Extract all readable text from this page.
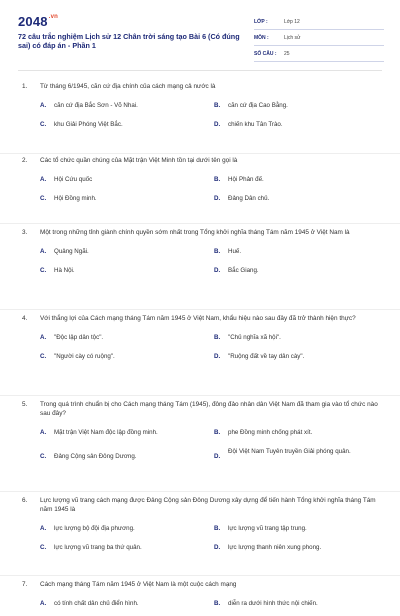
$2048^{.vn}$
72 câu trắc nghiệm Lịch sử 12 Chân trời sáng tạo Bài 6 (Có đúng sai) có đáp án - Phần 1
LỚP :	Lớp 12
MÔN :	Lịch sử
SỐ CÂU :	25
1. Từ tháng 6/1945, căn cứ địa chính của cách mạng cả nước là
A. căn cứ địa Bắc Sơn - Võ Nhai.	B. căn cứ địa Cao Bằng.
C. khu Giải Phóng Việt Bắc.	D. chiến khu Tân Trào.
2. Các tổ chức quần chúng của Mặt trận Việt Minh tồn tại dưới tên gọi là
A. Hội Cứu quốc	B. Hội Phản đế.
C. Hội Đồng minh.	D. Đảng Dân chủ.
3. Một trong những tỉnh giành chính quyền sớm nhất trong Tổng khởi nghĩa tháng Tám năm 1945 ở Việt Nam là
A. Quảng Ngãi.	B. Huế.
C. Hà Nội.	D. Bắc Giang.
4. Với thắng lợi của Cách mạng tháng Tám năm 1945 ở Việt Nam, khẩu hiệu nào sau đây đã trở thành hiện thực?
A. "Độc lập dân tộc".	B. "Chủ nghĩa xã hội".
C. "Người cày có ruộng".	D. "Ruộng đất về tay dân cày".
5. Trong quá trình chuẩn bị cho Cách mạng tháng Tám (1945), đông đảo nhân dân Việt Nam đã tham gia vào tổ chức nào sau đây?
A. Mặt trận Việt Nam độc lập đồng minh.	B. phe Đồng minh chống phát xít.
C. Đảng Cộng sản Đông Dương.	D.
Đội Việt Nam Tuyên truyền Giải phóng quân.
6. Lực lượng vũ trang cách mạng được Đảng Cộng sản Đông Dương xây dựng để tiến hành Tổng khởi nghĩa tháng Tám năm 1945 là
A. lực lượng bộ đội địa phương.	B. lực lượng vũ trang tập trung.
C. lực lượng vũ trang ba thứ quân.	D. lực lượng thanh niên xung phong.
7. Cách mạng tháng Tám năm 1945 ở Việt Nam là một cuộc cách mạng
A. có tính chất dân chủ điển hình.	B. diễn ra dưới hình thức nội chiến.
